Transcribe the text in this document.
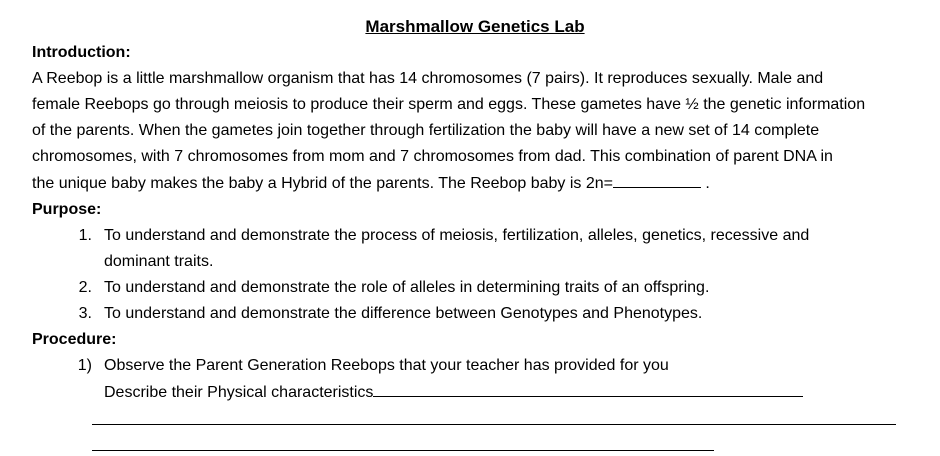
Marshmallow Genetics Lab
Introduction:

A Reebop is a little marshmallow organism that has 14 chromosomes (7 pairs). It reproduces sexually. Male and

female Reebops go through meiosis to produce their sperm and eggs. These gametes have ½ the genetic information

of the parents. When the gametes join together through fertilization the baby will have a new set of 14 complete

chromosomes, with 7 chromosomes from mom and 7 chromosomes from dad. This combination of parent DNA in

the unique baby makes the baby a Hybrid of the parents. The Reebop baby is 2n=	.

Purpose:
1. To understand and demonstrate the process of meiosis, fertilization, alleles, genetics, recessive and
dominant traits.
2. To understand and demonstrate the role of alleles in determining traits of an offspring.
3. To understand and demonstrate the difference between Genotypes and Phenotypes.
Procedure:
1) Observe the Parent Generation Reebops that your teacher has provided for you
Describe their Physical characteristics
